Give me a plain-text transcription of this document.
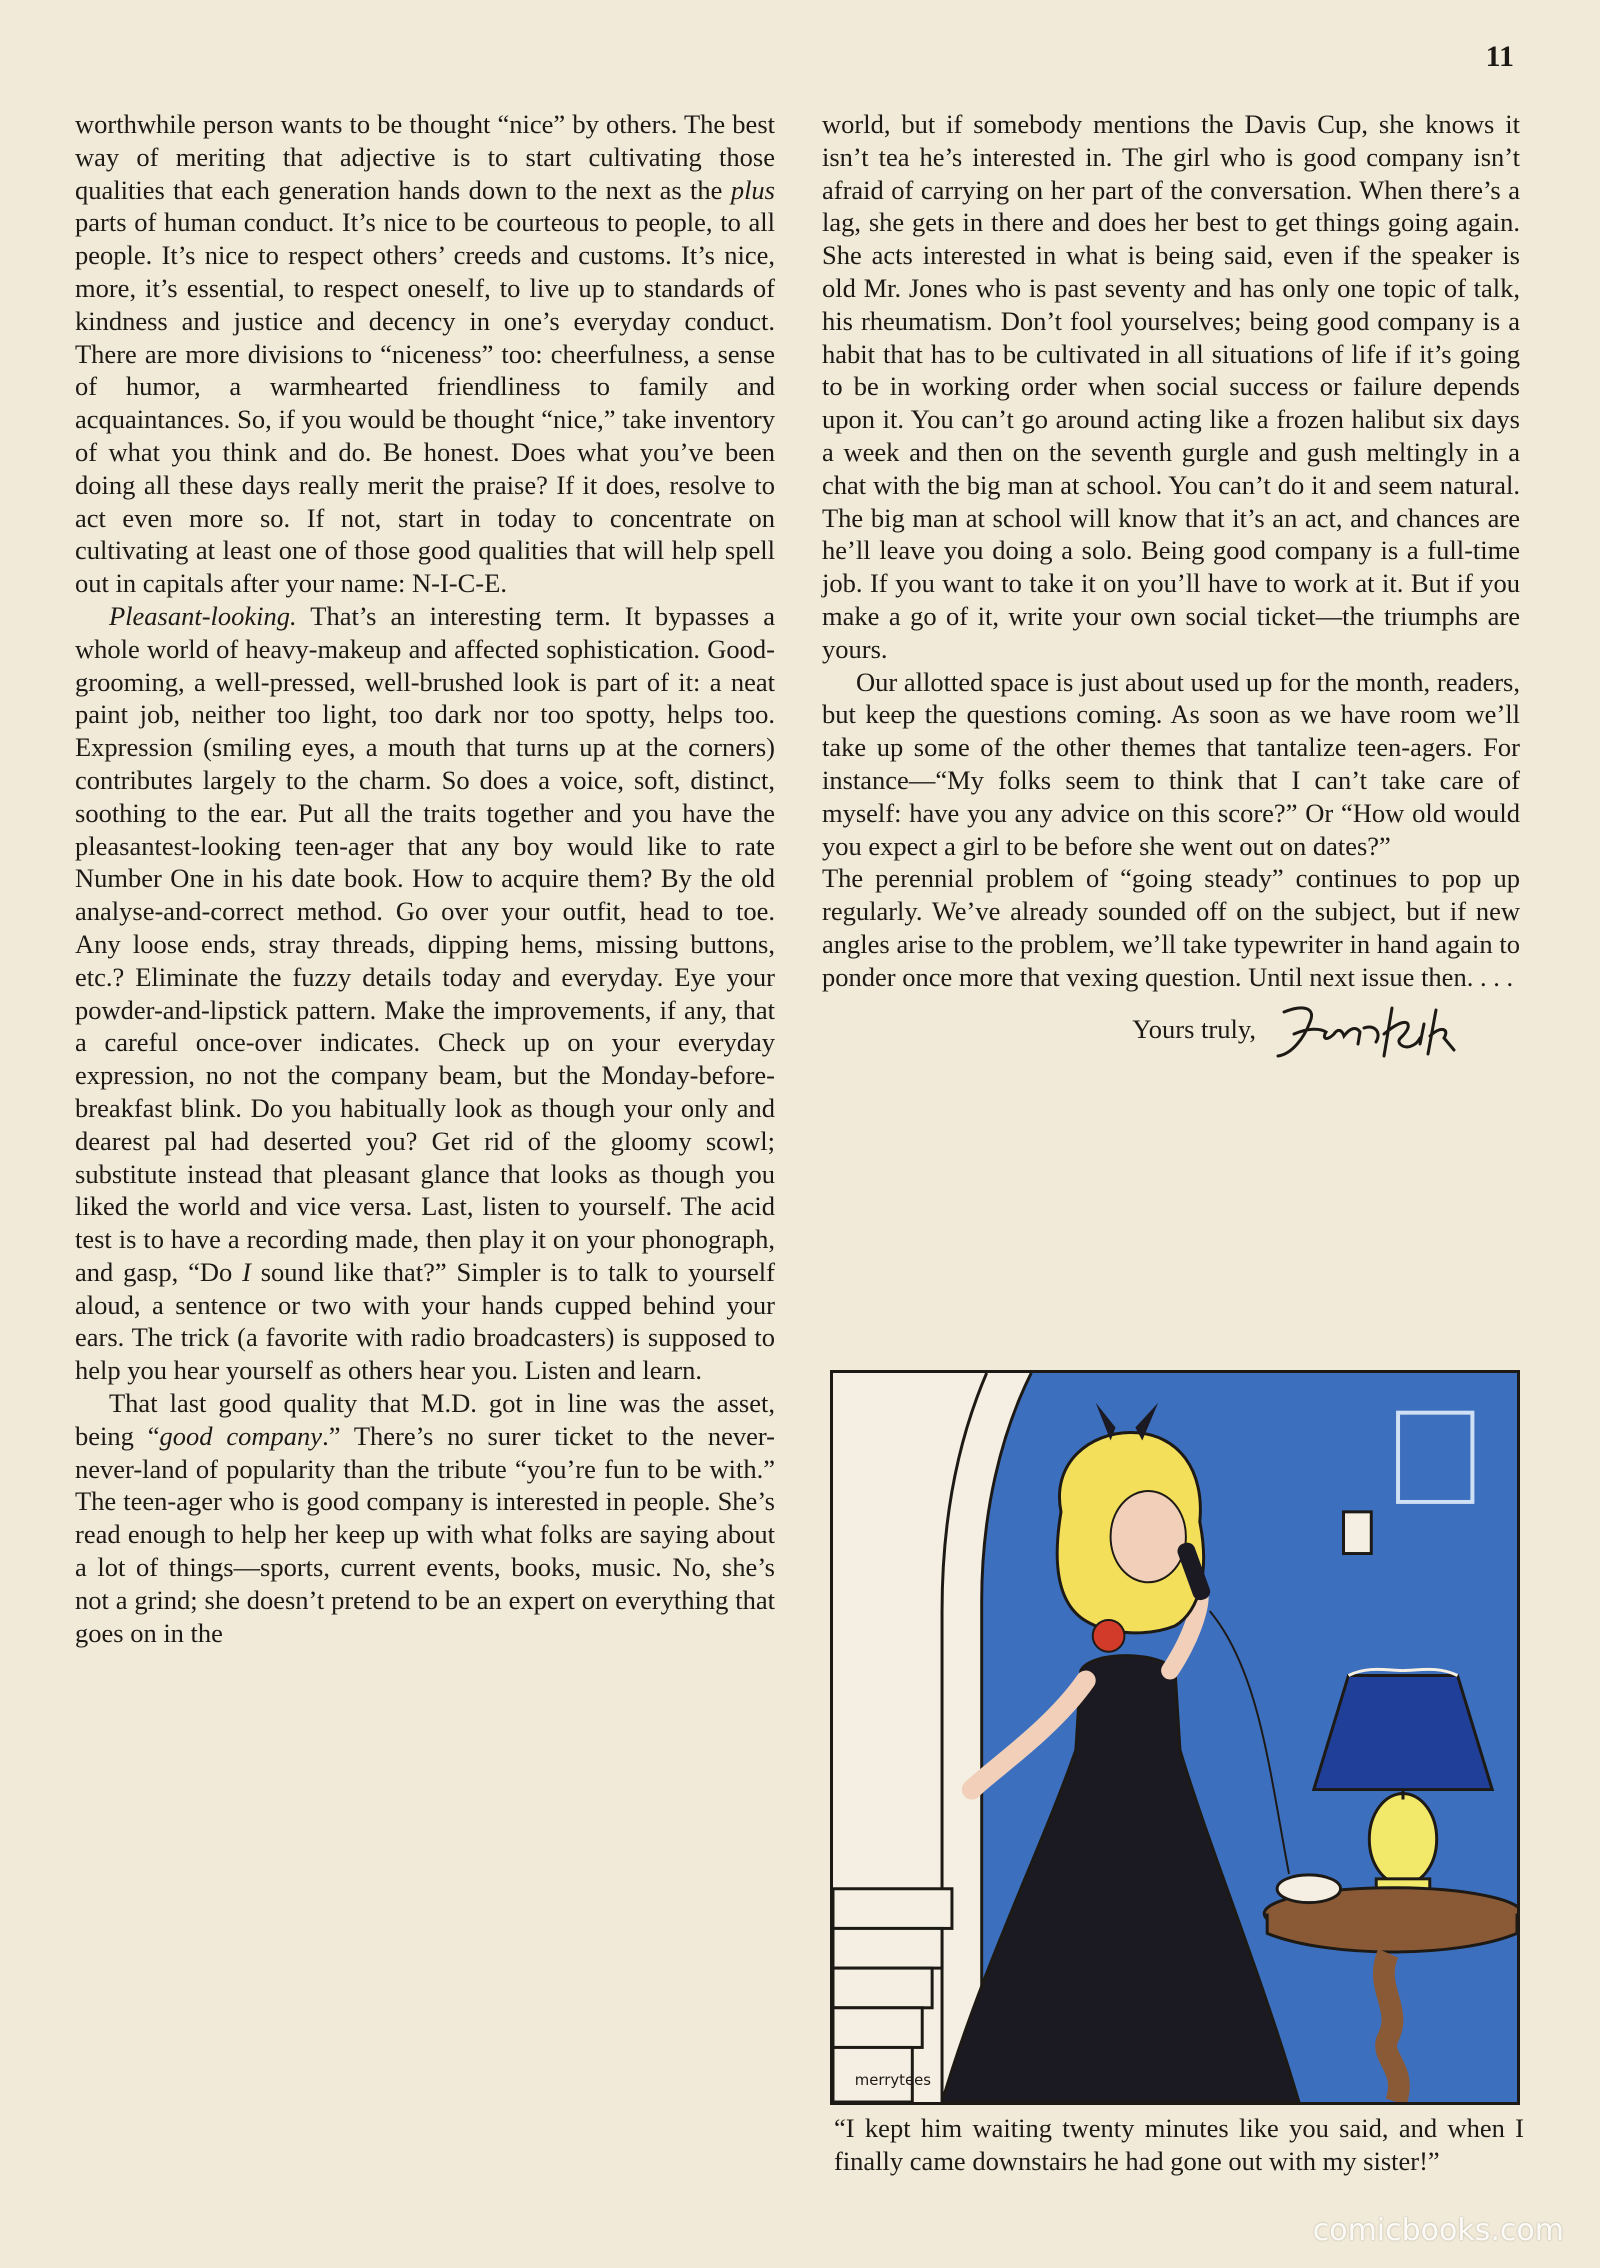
11

worthwhile person wants to be thought “nice” by others. The best way of meriting that adjective is to start cultivating those qualities that each generation hands down to the next as the plus parts of human conduct. It’s nice to be courteous to people, to all people. It’s nice to respect others’ creeds and customs. It’s nice, more, it’s essential, to respect oneself, to live up to standards of kindness and justice and decency in one’s everyday conduct. There are more divisions to “niceness” too: cheerfulness, a sense of humor, a warmhearted friendliness to family and acquaintances. So, if you would be thought “nice,” take inventory of what you think and do. Be honest. Does what you’ve been doing all these days really merit the praise? If it does, resolve to act even more so. If not, start in today to concentrate on cultivating at least one of those good qualities that will help spell out in capitals after your name: N-I-C-E.

Pleasant-looking. That’s an interesting term. It bypasses a whole world of heavy-makeup and affected sophistication. Good-grooming, a well-pressed, well-brushed look is part of it: a neat paint job, neither too light, too dark nor too spotty, helps too. Expression (smiling eyes, a mouth that turns up at the corners) contributes largely to the charm. So does a voice, soft, distinct, soothing to the ear. Put all the traits together and you have the pleasantest-looking teen-ager that any boy would like to rate Number One in his date book. How to acquire them? By the old analyse-and-correct method. Go over your outfit, head to toe. Any loose ends, stray threads, dipping hems, missing buttons, etc.? Eliminate the fuzzy details today and everyday. Eye your powder-and-lipstick pattern. Make the improvements, if any, that a careful once-over indicates. Check up on your everyday expression, no not the company beam, but the Monday-before-breakfast blink. Do you habitually look as though your only and dearest pal had deserted you? Get rid of the gloomy scowl; substitute instead that pleasant glance that looks as though you liked the world and vice versa. Last, listen to yourself. The acid test is to have a recording made, then play it on your phonograph, and gasp, “Do I sound like that?” Simpler is to talk to yourself aloud, a sentence or two with your hands cupped behind your ears. The trick (a favorite with radio broadcasters) is supposed to help you hear yourself as others hear you. Listen and learn.

That last good quality that M.D. got in line was the asset, being “good company.” There’s no surer ticket to the never-never-land of popularity than the tribute “you’re fun to be with.” The teen-ager who is good company is interested in people. She’s read enough to help her keep up with what folks are saying about a lot of things—sports, current events, books, music. No, she’s not a grind; she doesn’t pretend to be an expert on everything that goes on in the

world, but if somebody mentions the Davis Cup, she knows it isn’t tea he’s interested in. The girl who is good company isn’t afraid of carrying on her part of the conversation. When there’s a lag, she gets in there and does her best to get things going again. She acts interested in what is being said, even if the speaker is old Mr. Jones who is past seventy and has only one topic of talk, his rheumatism. Don’t fool yourselves; being good company is a habit that has to be cultivated in all situations of life if it’s going to be in working order when social success or failure depends upon it. You can’t go around acting like a frozen halibut six days a week and then on the seventh gurgle and gush meltingly in a chat with the big man at school. You can’t do it and seem natural. The big man at school will know that it’s an act, and chances are he’ll leave you doing a solo. Being good company is a full-time job. If you want to take it on you’ll have to work at it. But if you make a go of it, write your own social ticket—the triumphs are yours.

Our allotted space is just about used up for the month, readers, but keep the questions coming. As soon as we have room we’ll take up some of the other themes that tantalize teen-agers. For instance—“My folks seem to think that I can’t take care of myself: have you any advice on this score?” Or “How old would you expect a girl to be before she went out on dates?”

The perennial problem of “going steady” continues to pop up regularly. We’ve already sounded off on the subject, but if new angles arise to the problem, we’ll take typewriter in hand again to ponder once more that vexing question. Until next issue then. . . .

Yours truly,
merrytees
“I kept him waiting twenty minutes like you said, and when I finally came downstairs he had gone out with my sister!”
comicbooks.com
